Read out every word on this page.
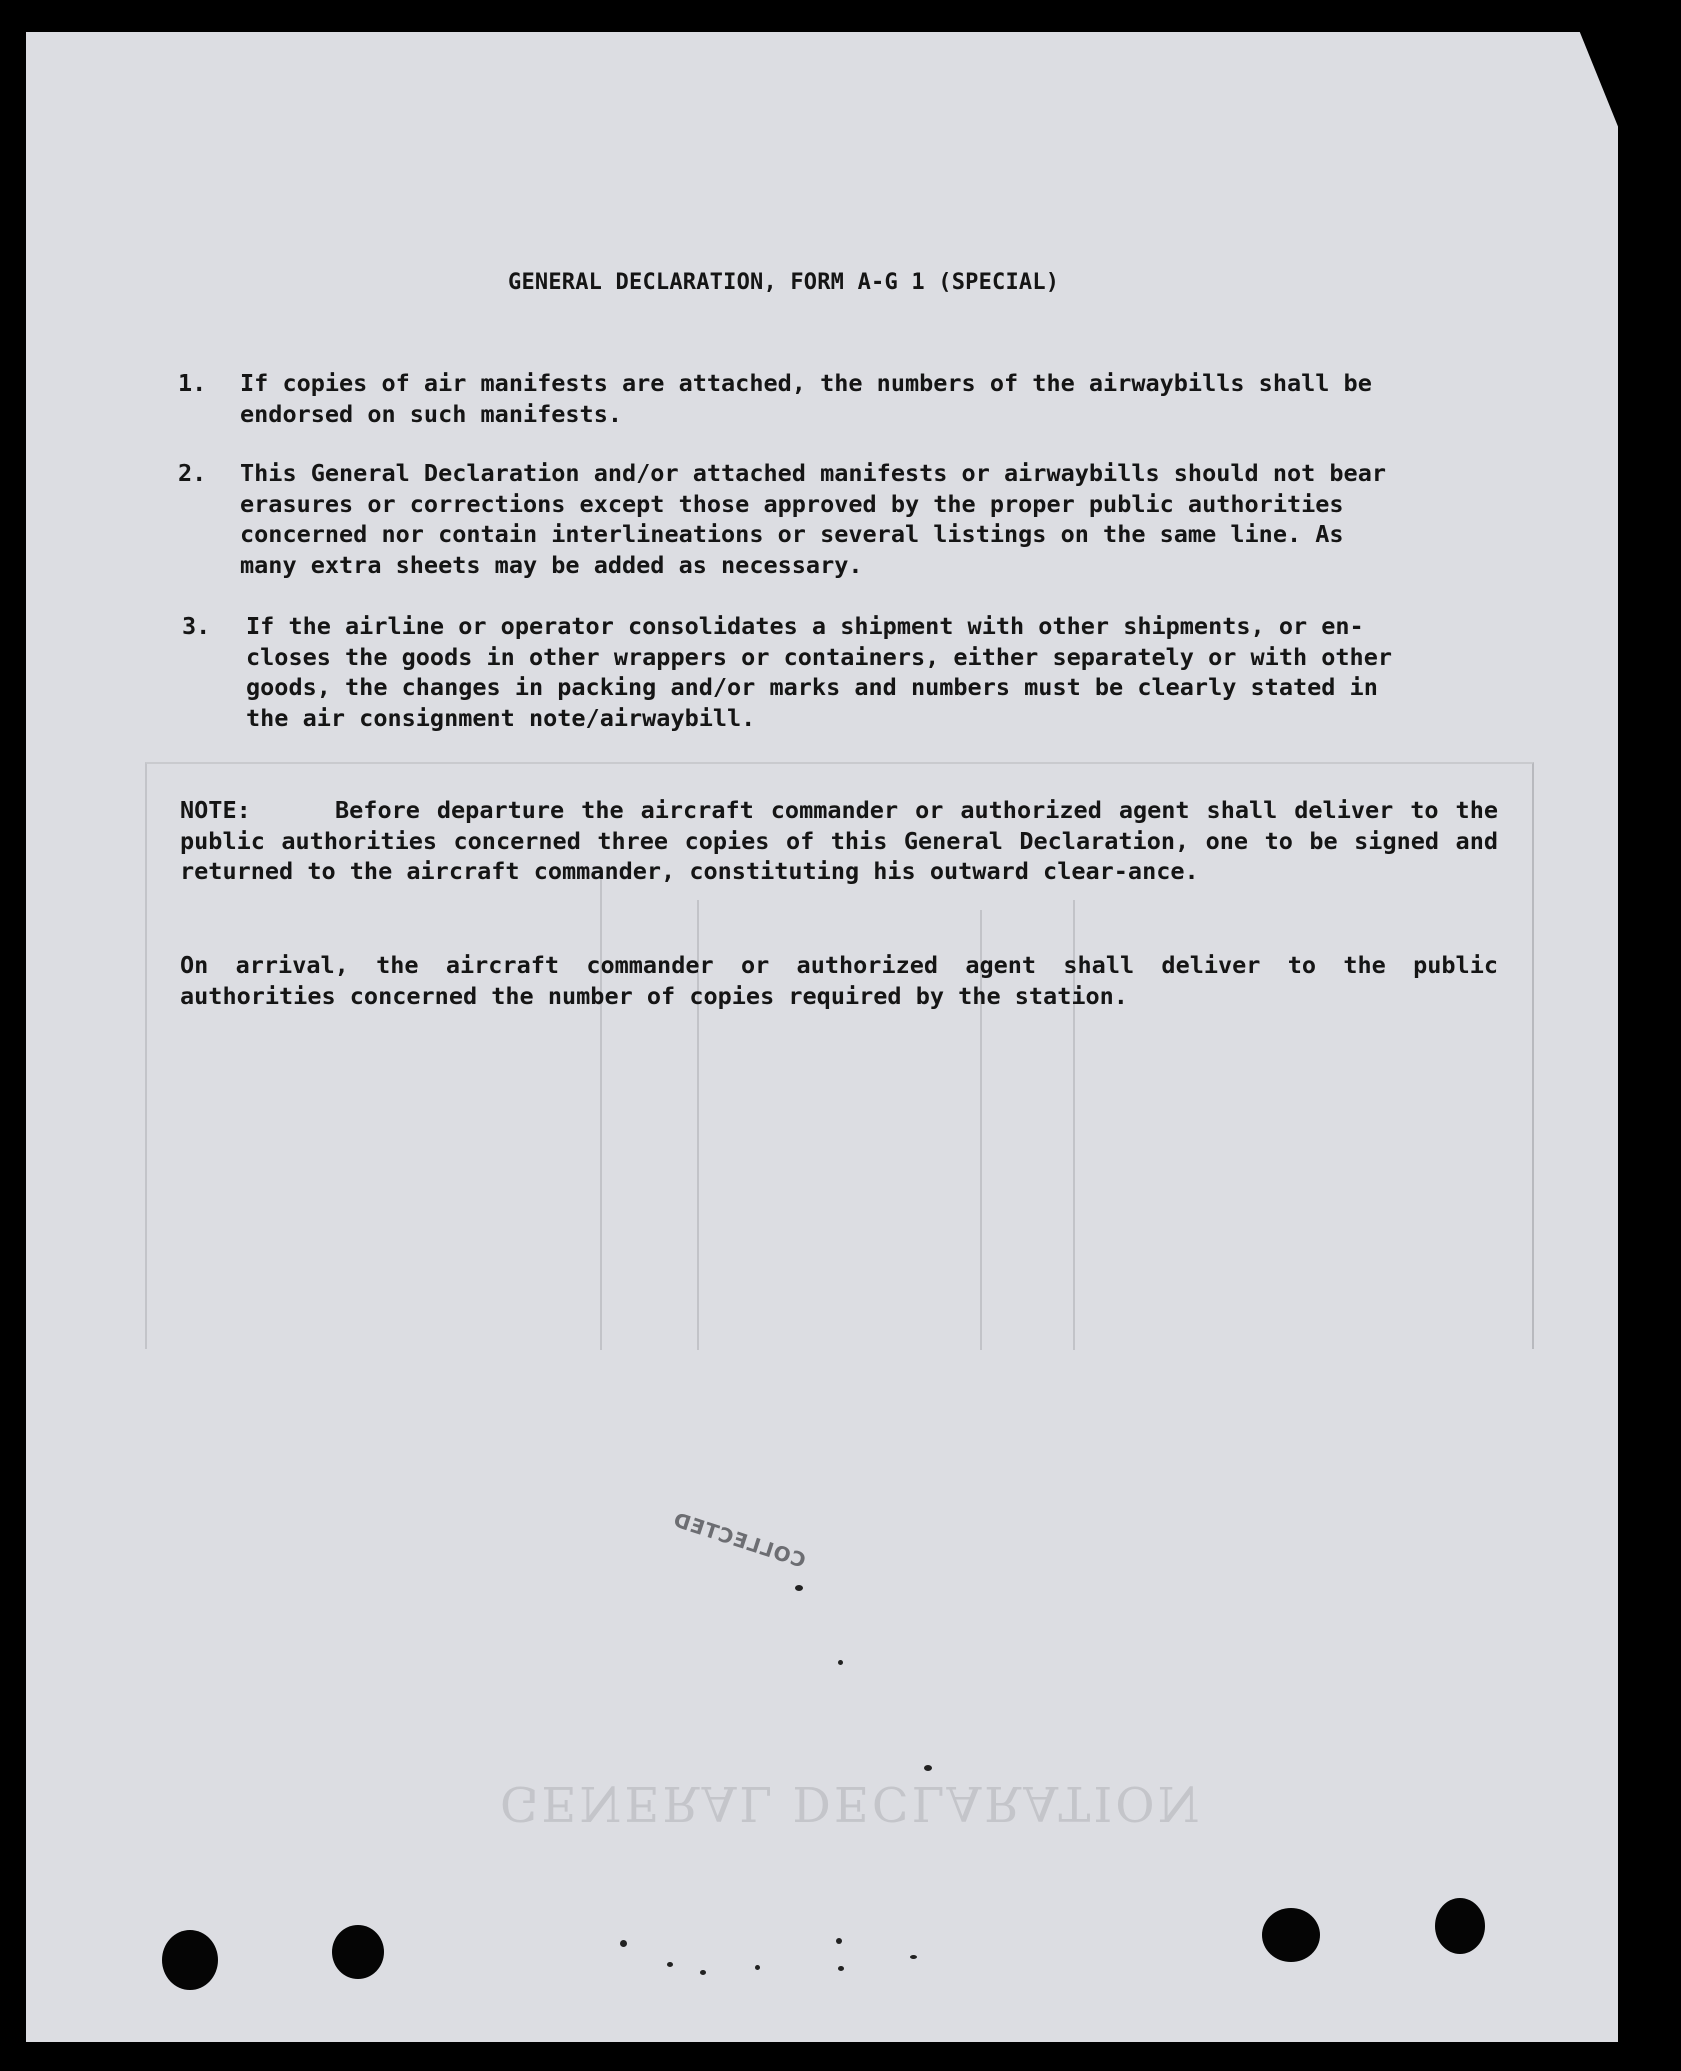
GENERAL DECLARATION
GENERAL DECLARATION, FORM A-G 1 (SPECIAL)
1. If copies of air manifests are attached, the numbers of the airwaybills shall be
endorsed on such manifests.
2. This General Declaration and/or attached manifests or airwaybills should not bear
erasures or corrections except those approved by the proper public authorities
concerned nor contain interlineations or several listings on the same line. As
many extra sheets may be added as necessary.
3. If the airline or operator consolidates a shipment with other shipments, or en-
closes the goods in other wrappers or containers, either separately or with other
goods, the changes in packing and/or marks and numbers must be clearly stated in
the air consignment note/airwaybill.
NOTE:	Before departure the aircraft commander or authorized agent shall deliver to the public authorities concerned three copies of this General Declaration, one to be signed and returned to the aircraft commander, constituting his outward clear-ance.
On arrival, the aircraft commander or authorized agent shall deliver to the public authorities concerned the number of copies required by the station.
COLLECTED
